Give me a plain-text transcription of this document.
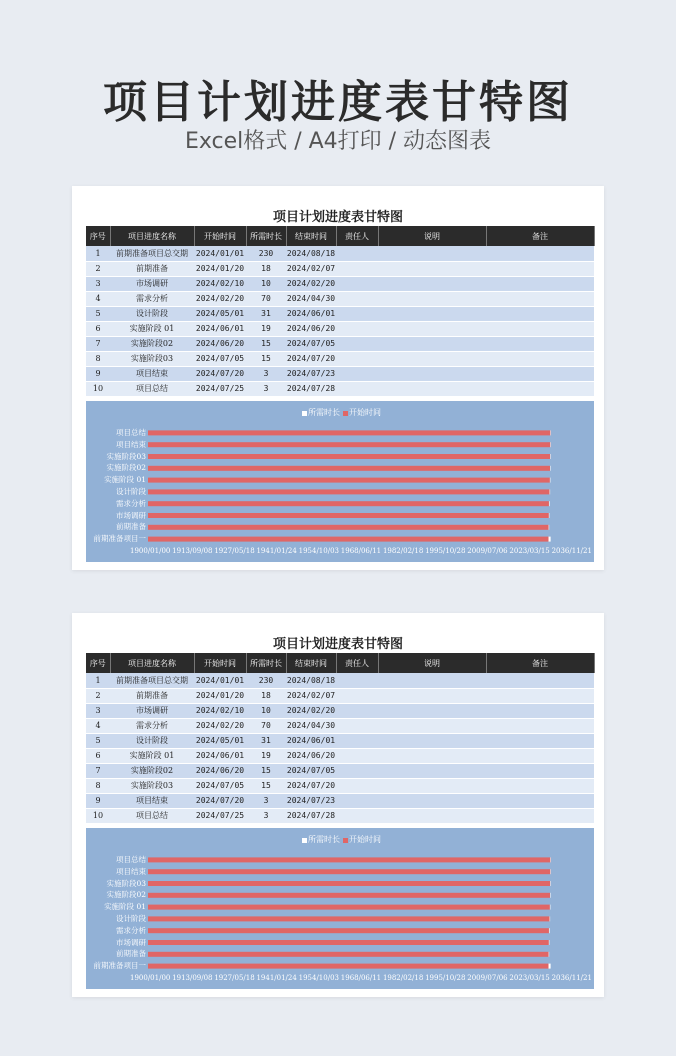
项目计划进度表甘特图
Excel格式 / A4打印 / 动态图表
项目计划进度表甘特图
序号	项目进度名称	开始时间	所需时长	结束时间	责任人	说明	备注
1	前期准备项目总交期	2024/01/01	230	2024/08/18			
2	前期准备	2024/01/20	18	2024/02/07			
3	市场调研	2024/02/10	10	2024/02/20			
4	需求分析	2024/02/20	70	2024/04/30			
5	设计阶段	2024/05/01	31	2024/06/01			
6	实施阶段 01	2024/06/01	19	2024/06/20			
7	实施阶段02	2024/06/20	15	2024/07/05			
8	实施阶段03	2024/07/05	15	2024/07/20			
9	项目结束	2024/07/20	3	2024/07/23			
10	项目总结	2024/07/25	3	2024/07/28			
所需时长 开始时间
项目总结
项目结束
实施阶段03
实施阶段02
实施阶段 01
设计阶段
需求分析
市场调研
前期准备
前期准备项目一
1900/01/00 1913/09/08 1927/05/18 1941/01/24 1954/10/03 1968/06/11 1982/02/18 1995/10/28 2009/07/06 2023/03/15 2036/11/21
项目计划进度表甘特图
序号	项目进度名称	开始时间	所需时长	结束时间	责任人	说明	备注
1	前期准备项目总交期	2024/01/01	230	2024/08/18			
2	前期准备	2024/01/20	18	2024/02/07			
3	市场调研	2024/02/10	10	2024/02/20			
4	需求分析	2024/02/20	70	2024/04/30			
5	设计阶段	2024/05/01	31	2024/06/01			
6	实施阶段 01	2024/06/01	19	2024/06/20			
7	实施阶段02	2024/06/20	15	2024/07/05			
8	实施阶段03	2024/07/05	15	2024/07/20			
9	项目结束	2024/07/20	3	2024/07/23			
10	项目总结	2024/07/25	3	2024/07/28			
所需时长 开始时间
项目总结
项目结束
实施阶段03
实施阶段02
实施阶段 01
设计阶段
需求分析
市场调研
前期准备
前期准备项目一
1900/01/00 1913/09/08 1927/05/18 1941/01/24 1954/10/03 1968/06/11 1982/02/18 1995/10/28 2009/07/06 2023/03/15 2036/11/21
